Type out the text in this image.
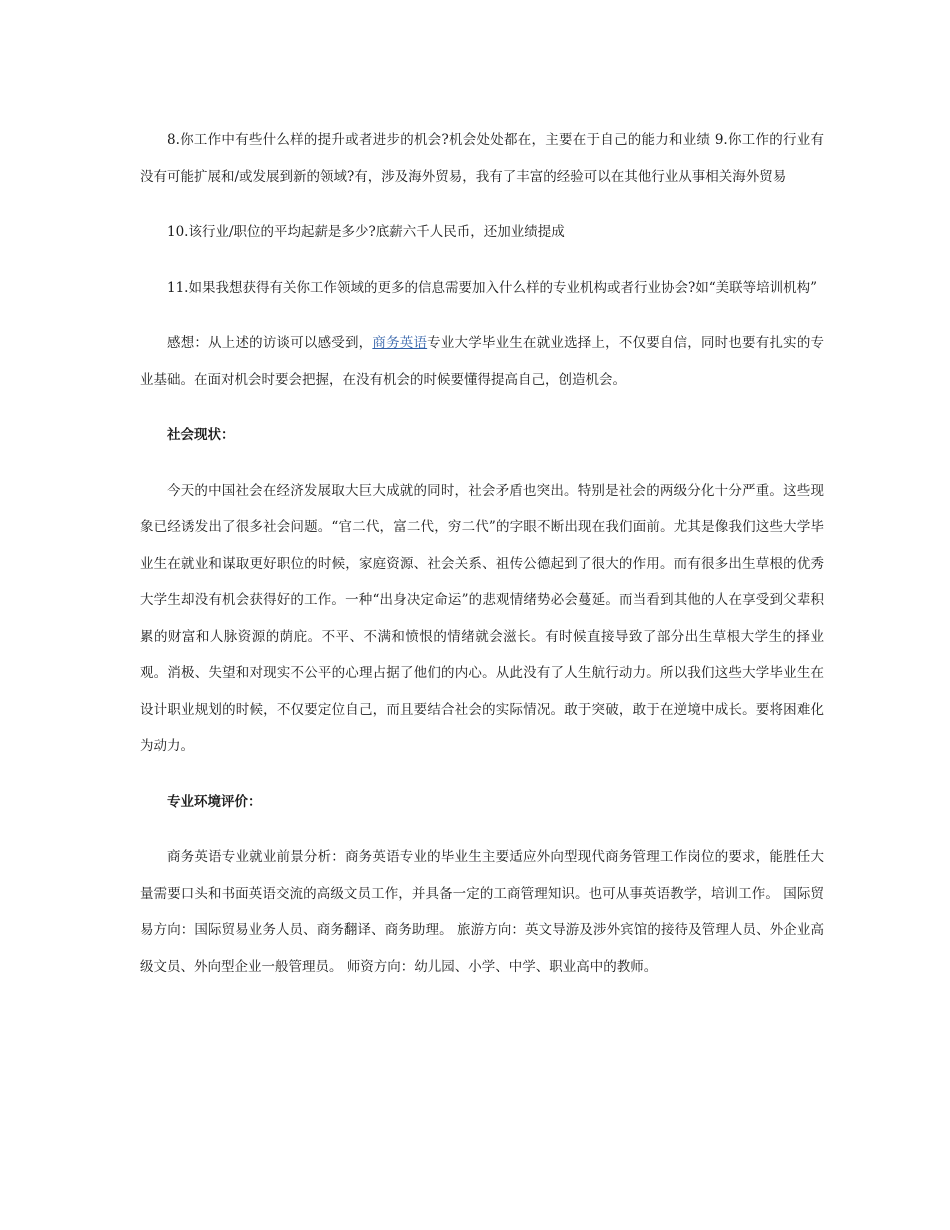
8.你工作中有些什么样的提升或者进步的机会?机会处处都在，主要在于自己的能力和业绩 9.你工作的行业有没有可能扩展和/或发展到新的领域?有，涉及海外贸易，我有了丰富的经验可以在其他行业从事相关海外贸易

10.该行业/职位的平均起薪是多少?底薪六千人民币，还加业绩提成

11.如果我想获得有关你工作领域的更多的信息需要加入什么样的专业机构或者行业协会?如“美联等培训机构”

感想：从上述的访谈可以感受到，商务英语专业大学毕业生在就业选择上，不仅要自信，同时也要有扎实的专业基础。在面对机会时要会把握，在没有机会的时候要懂得提高自己，创造机会。

社会现状：

今天的中国社会在经济发展取大巨大成就的同时，社会矛盾也突出。特别是社会的两级分化十分严重。这些现象已经诱发出了很多社会问题。“官二代，富二代，穷二代”的字眼不断出现在我们面前。尤其是像我们这些大学毕业生在就业和谋取更好职位的时候，家庭资源、社会关系、祖传公德起到了很大的作用。而有很多出生草根的优秀大学生却没有机会获得好的工作。一种“出身决定命运”的悲观情绪势必会蔓延。而当看到其他的人在享受到父辈积累的财富和人脉资源的荫庇。不平、不满和愤恨的情绪就会滋长。有时候直接导致了部分出生草根大学生的择业观。消极、失望和对现实不公平的心理占据了他们的内心。从此没有了人生航行动力。所以我们这些大学毕业生在设计职业规划的时候，不仅要定位自己，而且要结合社会的实际情况。敢于突破，敢于在逆境中成长。要将困难化为动力。

专业环境评价：

商务英语专业就业前景分析：商务英语专业的毕业生主要适应外向型现代商务管理工作岗位的要求，能胜任大量需要口头和书面英语交流的高级文员工作，并具备一定的工商管理知识。也可从事英语教学，培训工作。 国际贸易方向：国际贸易业务人员、商务翻译、商务助理。 旅游方向：英文导游及涉外宾馆的接待及管理人员、外企业高级文员、外向型企业一般管理员。 师资方向：幼儿园、小学、中学、职业高中的教师。
